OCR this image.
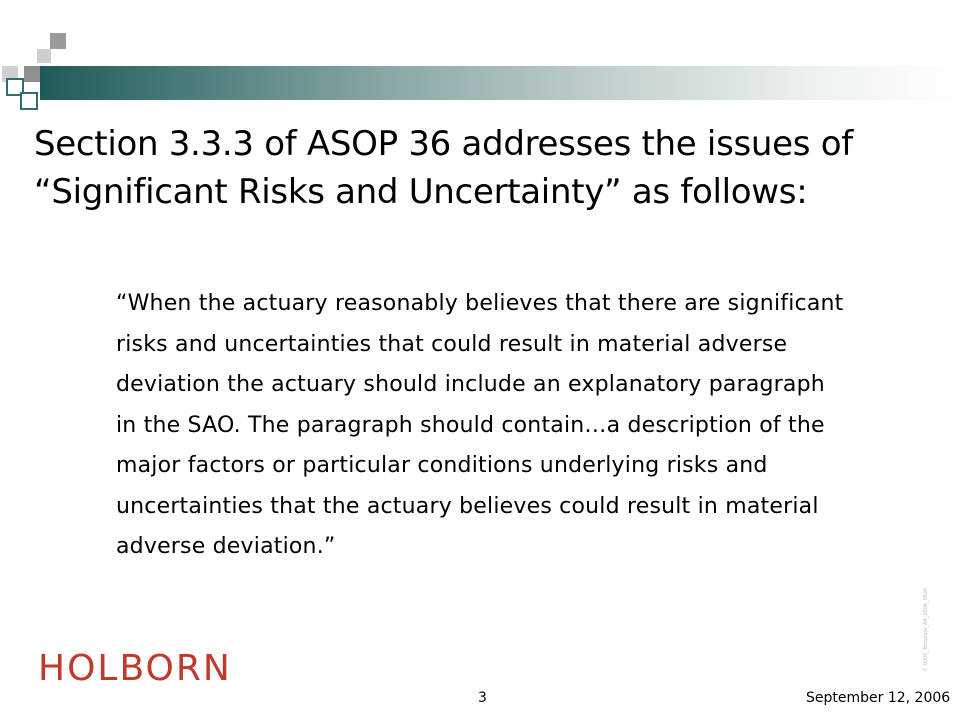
Section 3.3.3 of ASOP 36 addresses the issues of
“Significant Risks and Uncertainty” as follows:
“When the actuary reasonably believes that there are significant
risks and uncertainties that could result in material adverse
deviation the actuary should include an explanatory paragraph
in the SAO. The paragraph should contain…a description of the
major factors or particular conditions underlying risks and
uncertainties that the actuary believes could result in material
adverse deviation.”
HOLBORN
3	September 12, 2006
© 0000_Template_A4_2006_0926
